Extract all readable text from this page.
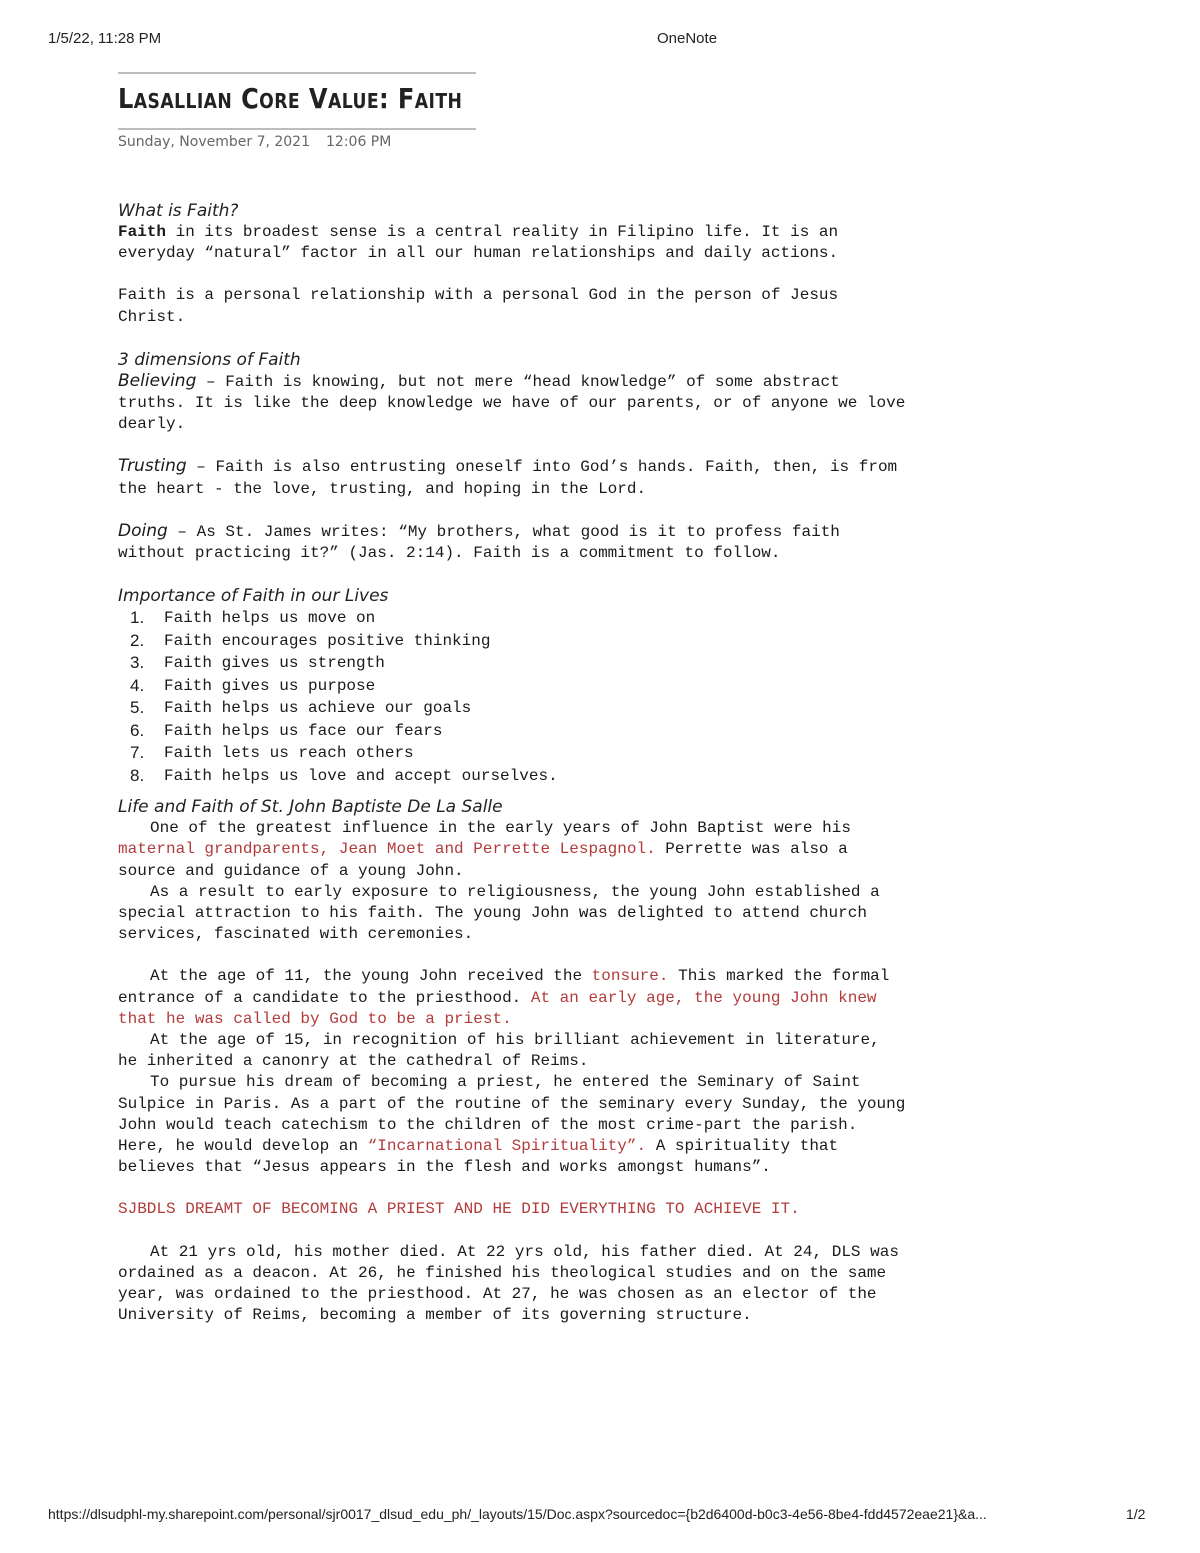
1/5/22, 11:28 PM	OneNote
Lasallian Core Value: Faith
Sunday, November 7, 2021 12:06 PM
What is Faith?

Faith in its broadest sense is a central reality in Filipino life. It is an everyday “natural” factor in all our human relationships and daily actions.

Faith is a personal relationship with a personal God in the person of Jesus Christ.

3 dimensions of Faith

Believing – Faith is knowing, but not mere “head knowledge” of some abstract truths. It is like the deep knowledge we have of our parents, or of anyone we love dearly.

Trusting – Faith is also entrusting oneself into God’s hands. Faith, then, is from the heart - the love, trusting, and hoping in the Lord.

Doing – As St. James writes: “My brothers, what good is it to profess faith without practicing it?” (Jas. 2:14). Faith is a commitment to follow.

Importance of Faith in our Lives
1. Faith helps us move on
2. Faith encourages positive thinking
3. Faith gives us strength
4. Faith gives us purpose
5. Faith helps us achieve our goals
6. Faith helps us face our fears
7. Faith lets us reach others
8. Faith helps us love and accept ourselves.
Life and Faith of St. John Baptiste De La Salle

One of the greatest influence in the early years of John Baptist were his maternal grandparents, Jean Moet and Perrette Lespagnol. Perrette was also a source and guidance of a young John.

As a result to early exposure to religiousness, the young John established a special attraction to his faith. The young John was delighted to attend church services, fascinated with ceremonies.

At the age of 11, the young John received the tonsure. This marked the formal entrance of a candidate to the priesthood. At an early age, the young John knew that he was called by God to be a priest.

At the age of 15, in recognition of his brilliant achievement in literature, he inherited a canonry at the cathedral of Reims.

To pursue his dream of becoming a priest, he entered the Seminary of Saint Sulpice in Paris. As a part of the routine of the seminary every Sunday, the young John would teach catechism to the children of the most crime-part the parish. Here, he would develop an “Incarnational Spirituality”. A spirituality that believes that “Jesus appears in the flesh and works amongst humans”.

SJBDLS DREAMT OF BECOMING A PRIEST AND HE DID EVERYTHING TO ACHIEVE IT.

At 21 yrs old, his mother died. At 22 yrs old, his father died. At 24, DLS was ordained as a deacon. At 26, he finished his theological studies and on the same year, was ordained to the priesthood. At 27, he was chosen as an elector of the University of Reims, becoming a member of its governing structure.

https://dlsudphl-my.sharepoint.com/personal/sjr0017_dlsud_edu_ph/_layouts/15/Doc.aspx?sourcedoc={b2d6400d-b0c3-4e56-8be4-fdd4572eae21}&a...	1/2
